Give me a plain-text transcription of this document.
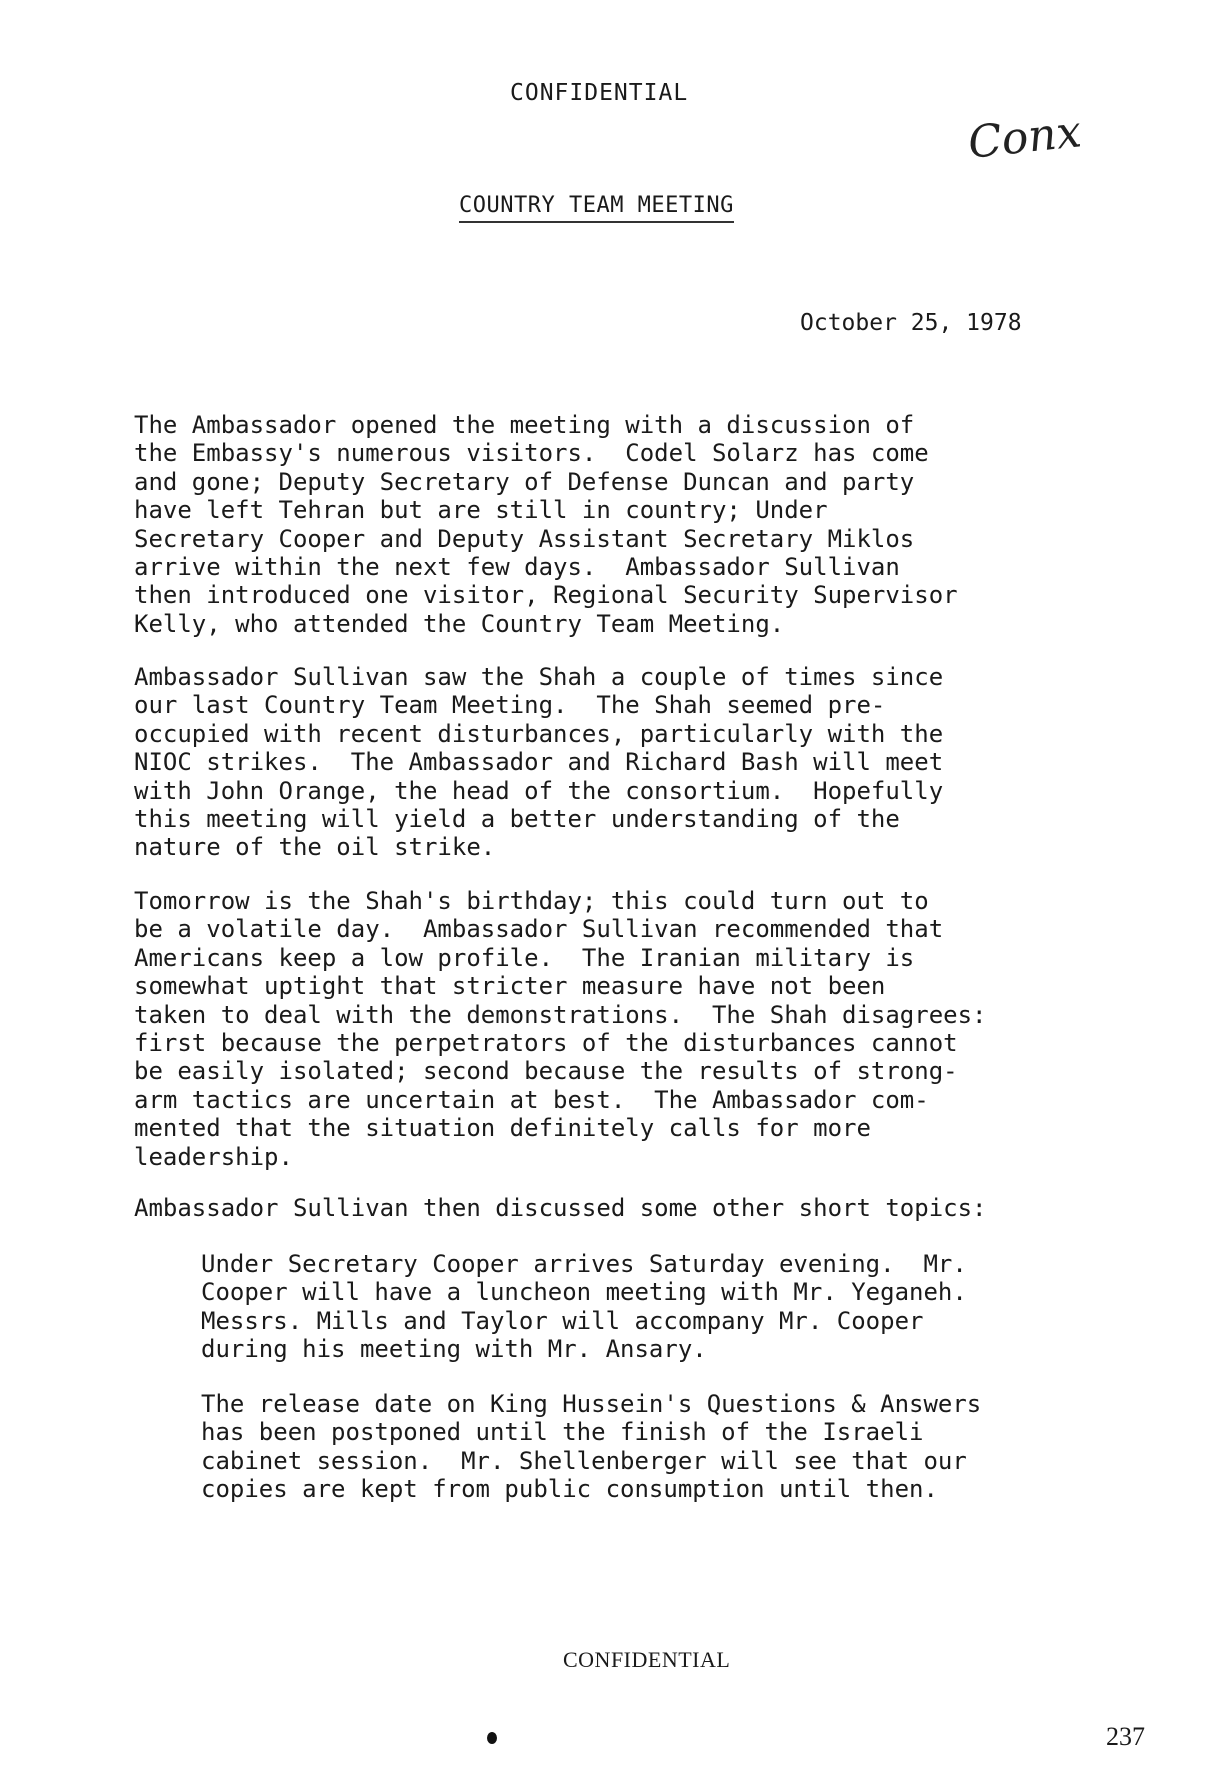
CONFIDENTIAL
Conx
COUNTRY TEAM MEETING
October 25, 1978

The Ambassador opened the meeting with a discussion of
the Embassy's numerous visitors.  Codel Solarz has come
and gone; Deputy Secretary of Defense Duncan and party
have left Tehran but are still in country; Under
Secretary Cooper and Deputy Assistant Secretary Miklos
arrive within the next few days.  Ambassador Sullivan
then introduced one visitor, Regional Security Supervisor
Kelly, who attended the Country Team Meeting.

Ambassador Sullivan saw the Shah a couple of times since
our last Country Team Meeting.  The Shah seemed pre-
occupied with recent disturbances, particularly with the
NIOC strikes.  The Ambassador and Richard Bash will meet
with John Orange, the head of the consortium.  Hopefully
this meeting will yield a better understanding of the
nature of the oil strike.

Tomorrow is the Shah's birthday; this could turn out to
be a volatile day.  Ambassador Sullivan recommended that
Americans keep a low profile.  The Iranian military is
somewhat uptight that stricter measure have not been
taken to deal with the demonstrations.  The Shah disagrees:
first because the perpetrators of the disturbances cannot
be easily isolated; second because the results of strong-
arm tactics are uncertain at best.  The Ambassador com-
mented that the situation definitely calls for more
leadership.

Ambassador Sullivan then discussed some other short topics:

Under Secretary Cooper arrives Saturday evening.  Mr.
Cooper will have a luncheon meeting with Mr. Yeganeh.
Messrs. Mills and Taylor will accompany Mr. Cooper
during his meeting with Mr. Ansary.

The release date on King Hussein's Questions & Answers
has been postponed until the finish of the Israeli
cabinet session.  Mr. Shellenberger will see that our
copies are kept from public consumption until then.

CONFIDENTIAL
237
